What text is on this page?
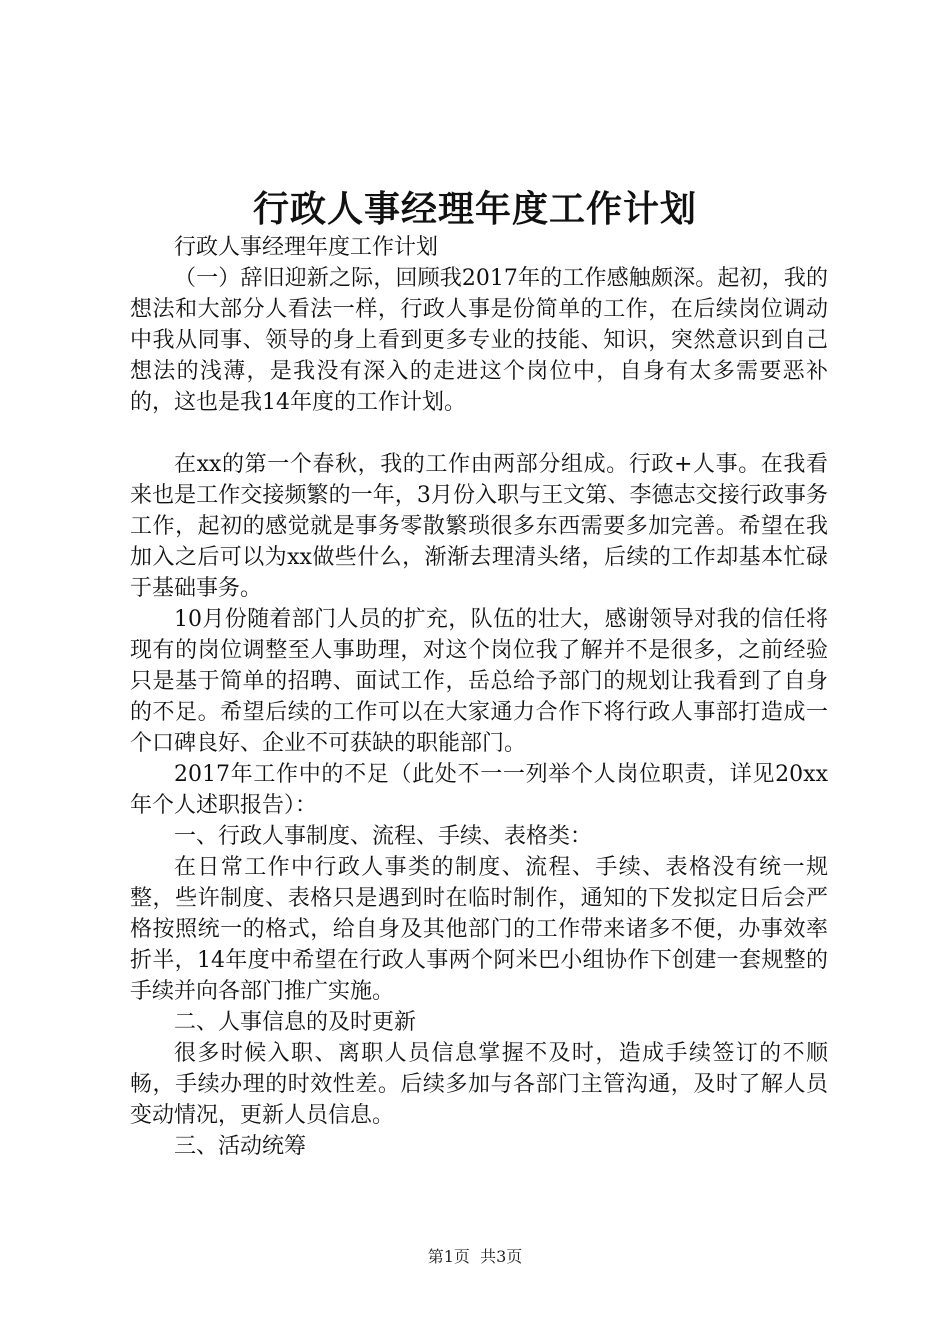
行政人事经理年度工作计划

行政人事经理年度工作计划

（一）辞旧迎新之际，回顾我2017年的工作感触颇深。起初，我的想法和大部分人看法一样，行政人事是份简单的工作，在后续岗位调动中我从同事、领导的身上看到更多专业的技能、知识，突然意识到自己想法的浅薄，是我没有深入的走进这个岗位中，自身有太多需要恶补的，这也是我14年度的工作计划。

在xx的第一个春秋，我的工作由两部分组成。行政+人事。在我看来也是工作交接频繁的一年，3月份入职与王文第、李德志交接行政事务工作，起初的感觉就是事务零散繁琐很多东西需要多加完善。希望在我加入之后可以为xx做些什么，渐渐去理清头绪，后续的工作却基本忙碌于基础事务。

10月份随着部门人员的扩充，队伍的壮大，感谢领导对我的信任将现有的岗位调整至人事助理，对这个岗位我了解并不是很多，之前经验只是基于简单的招聘、面试工作，岳总给予部门的规划让我看到了自身的不足。希望后续的工作可以在大家通力合作下将行政人事部打造成一个口碑良好、企业不可获缺的职能部门。

2017年工作中的不足（此处不一一列举个人岗位职责，详见20xx年个人述职报告）：

一、行政人事制度、流程、手续、表格类：

在日常工作中行政人事类的制度、流程、手续、表格没有统一规整，些许制度、表格只是遇到时在临时制作，通知的下发拟定日后会严格按照统一的格式，给自身及其他部门的工作带来诸多不便，办事效率折半，14年度中希望在行政人事两个阿米巴小组协作下创建一套规整的手续并向各部门推广实施。

二、人事信息的及时更新

很多时候入职、离职人员信息掌握不及时，造成手续签订的不顺畅，手续办理的时效性差。后续多加与各部门主管沟通，及时了解人员变动情况，更新人员信息。

三、活动统筹

第1页 共3页
